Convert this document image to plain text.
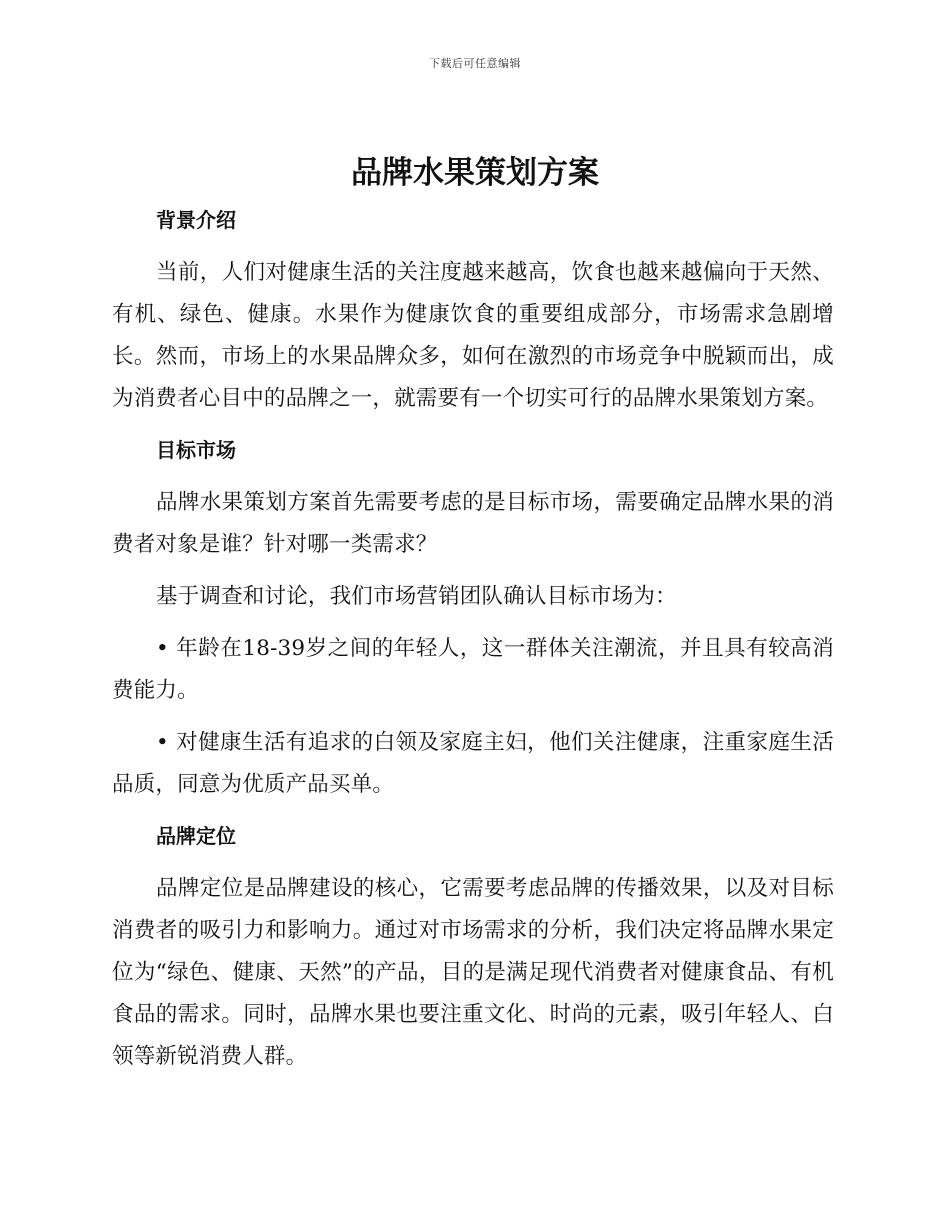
下载后可任意编辑
品牌水果策划方案
背景介绍

当前，人们对健康生活的关注度越来越高，饮食也越来越偏向于天然、有机、绿色、健康。水果作为健康饮食的重要组成部分，市场需求急剧增长。然而，市场上的水果品牌众多，如何在激烈的市场竞争中脱颖而出，成为消费者心目中的品牌之一，就需要有一个切实可行的品牌水果策划方案。

目标市场

品牌水果策划方案首先需要考虑的是目标市场，需要确定品牌水果的消费者对象是谁？针对哪一类需求？

基于调查和讨论，我们市场营销团队确认目标市场为：

• 年龄在18-39岁之间的年轻人，这一群体关注潮流，并且具有较高消费能力。

• 对健康生活有追求的白领及家庭主妇，他们关注健康，注重家庭生活品质，同意为优质产品买单。

品牌定位

品牌定位是品牌建设的核心，它需要考虑品牌的传播效果，以及对目标消费者的吸引力和影响力。通过对市场需求的分析，我们决定将品牌水果定位为“绿色、健康、天然”的产品，目的是满足现代消费者对健康食品、有机食品的需求。同时，品牌水果也要注重文化、时尚的元素，吸引年轻人、白领等新锐消费人群。
